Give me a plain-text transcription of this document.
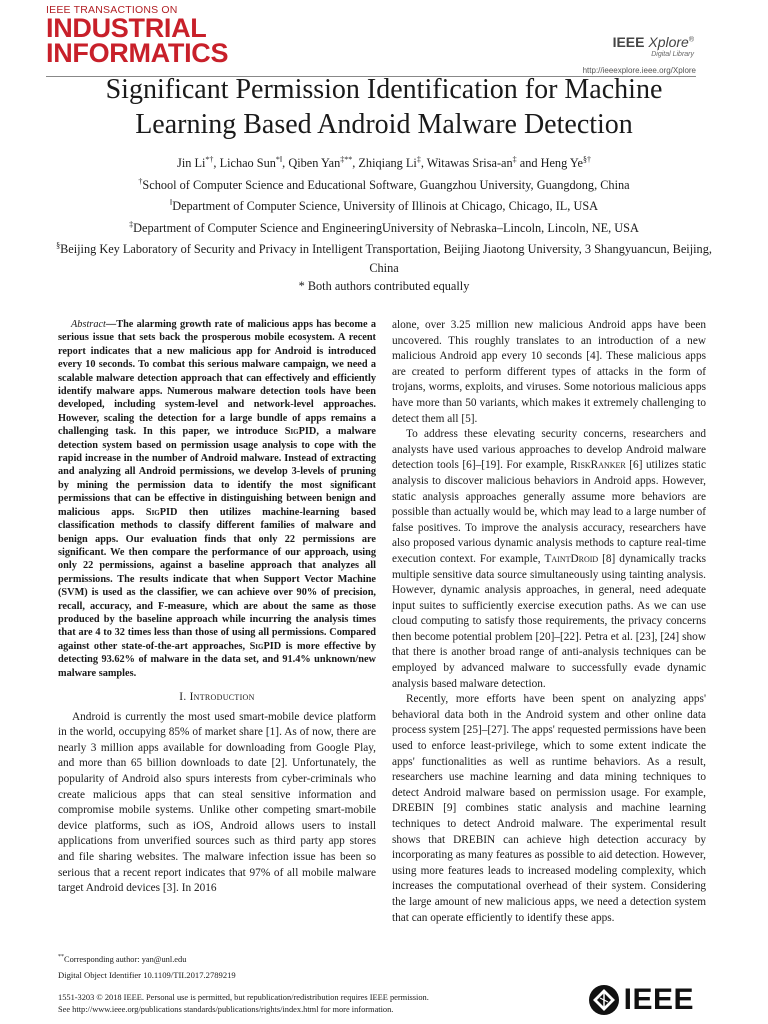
IEEE TRANSACTIONS ON
INDUSTRIAL
INFORMATICS	IEEE Xplore®
Digital Library
http://ieeexplore.ieee.org/Xplore
Significant Permission Identification for Machine
Learning Based Android Malware Detection
Jin Li*†, Lichao Sun*‖, Qiben Yan‡**, Zhiqiang Li‡, Witawas Srisa-an‡ and Heng Ye§†
†School of Computer Science and Educational Software, Guangzhou University, Guangdong, China
‖Department of Computer Science, University of Illinois at Chicago, Chicago, IL, USA
‡Department of Computer Science and EngineeringUniversity of Nebraska–Lincoln, Lincoln, NE, USA
§Beijing Key Laboratory of Security and Privacy in Intelligent Transportation, Beijing Jiaotong University, 3 Shangyuancun, Beijing, China
* Both authors contributed equally

Abstract—The alarming growth rate of malicious apps has become a serious issue that sets back the prosperous mobile ecosystem. A recent report indicates that a new malicious app for Android is introduced every 10 seconds. To combat this serious malware campaign, we need a scalable malware detection approach that can effectively and efficiently identify malware apps. Numerous malware detection tools have been developed, including system-level and network-level approaches. However, scaling the detection for a large bundle of apps remains a challenging task. In this paper, we introduce SigPID, a malware detection system based on permission usage analysis to cope with the rapid increase in the number of Android malware. Instead of extracting and analyzing all Android permissions, we develop 3-levels of pruning by mining the permission data to identify the most significant permissions that can be effective in distinguishing between benign and malicious apps. SigPID then utilizes machine-learning based classification methods to classify different families of malware and benign apps. Our evaluation finds that only 22 permissions are significant. We then compare the performance of our approach, using only 22 permissions, against a baseline approach that analyzes all permissions. The results indicate that when Support Vector Machine (SVM) is used as the classifier, we can achieve over 90% of precision, recall, accuracy, and F-measure, which are about the same as those produced by the baseline approach while incurring the analysis times that are 4 to 32 times less than those of using all permissions. Compared against other state-of-the-art approaches, SigPID is more effective by detecting 93.62% of malware in the data set, and 91.4% unknown/new malware samples.

I. Introduction

Android is currently the most used smart-mobile device platform in the world, occupying 85% of market share [1]. As of now, there are nearly 3 million apps available for downloading from Google Play, and more than 65 billion downloads to date [2]. Unfortunately, the popularity of Android also spurs interests from cyber-criminals who create malicious apps that can steal sensitive information and compromise mobile systems. Unlike other competing smart-mobile device platforms, such as iOS, Android allows users to install applications from unverified sources such as third party app stores and file sharing websites. The malware infection issue has been so serious that a recent report indicates that 97% of all mobile malware target Android devices [3]. In 2016

alone, over 3.25 million new malicious Android apps have been uncovered. This roughly translates to an introduction of a new malicious Android app every 10 seconds [4]. These malicious apps are created to perform different types of attacks in the form of trojans, worms, exploits, and viruses. Some notorious malicious apps have more than 50 variants, which makes it extremely challenging to detect them all [5].

To address these elevating security concerns, researchers and analysts have used various approaches to develop Android malware detection tools [6]–[19]. For example, RiskRanker [6] utilizes static analysis to discover malicious behaviors in Android apps. However, static analysis approaches generally assume more behaviors are possible than actually would be, which may lead to a large number of false positives. To improve the analysis accuracy, researchers have also proposed various dynamic analysis methods to capture real-time execution context. For example, TaintDroid [8] dynamically tracks multiple sensitive data source simultaneously using tainting analysis. However, dynamic analysis approaches, in general, need adequate input suites to sufficiently exercise execution paths. As we can use cloud computing to satisfy those requirements, the privacy concerns then become potential problem [20]–[22]. Petra et al. [23], [24] show that there is another broad range of anti-analysis techniques can be employed by advanced malware to successfully evade dynamic analysis based malware detection.

Recently, more efforts have been spent on analyzing apps' behavioral data both in the Android system and other online data process system [25]–[27]. The apps' requested permissions have been used to enforce least-privilege, which to some extent indicate the apps' functionalities as well as runtime behaviors. As a result, researchers use machine learning and data mining techniques to detect Android malware based on permission usage. For example, DREBIN [9] combines static analysis and machine learning techniques to detect Android malware. The experimental result shows that DREBIN can achieve high detection accuracy by incorporating as many features as possible to aid detection. However, using more features leads to increased modeling complexity, which increases the computational overhead of their system. Considering the large amount of new malicious apps, we need a detection system that can operate efficiently to identify these apps.

**Corresponding author: yan@unl.edu
Digital Object Identifier 10.1109/TII.2017.2789219
1551-3203 © 2018 IEEE. Personal use is permitted, but republication/redistribution requires IEEE permission.
See http://www.ieee.org/publications standards/publications/rights/index.html for more information.	IEEE
